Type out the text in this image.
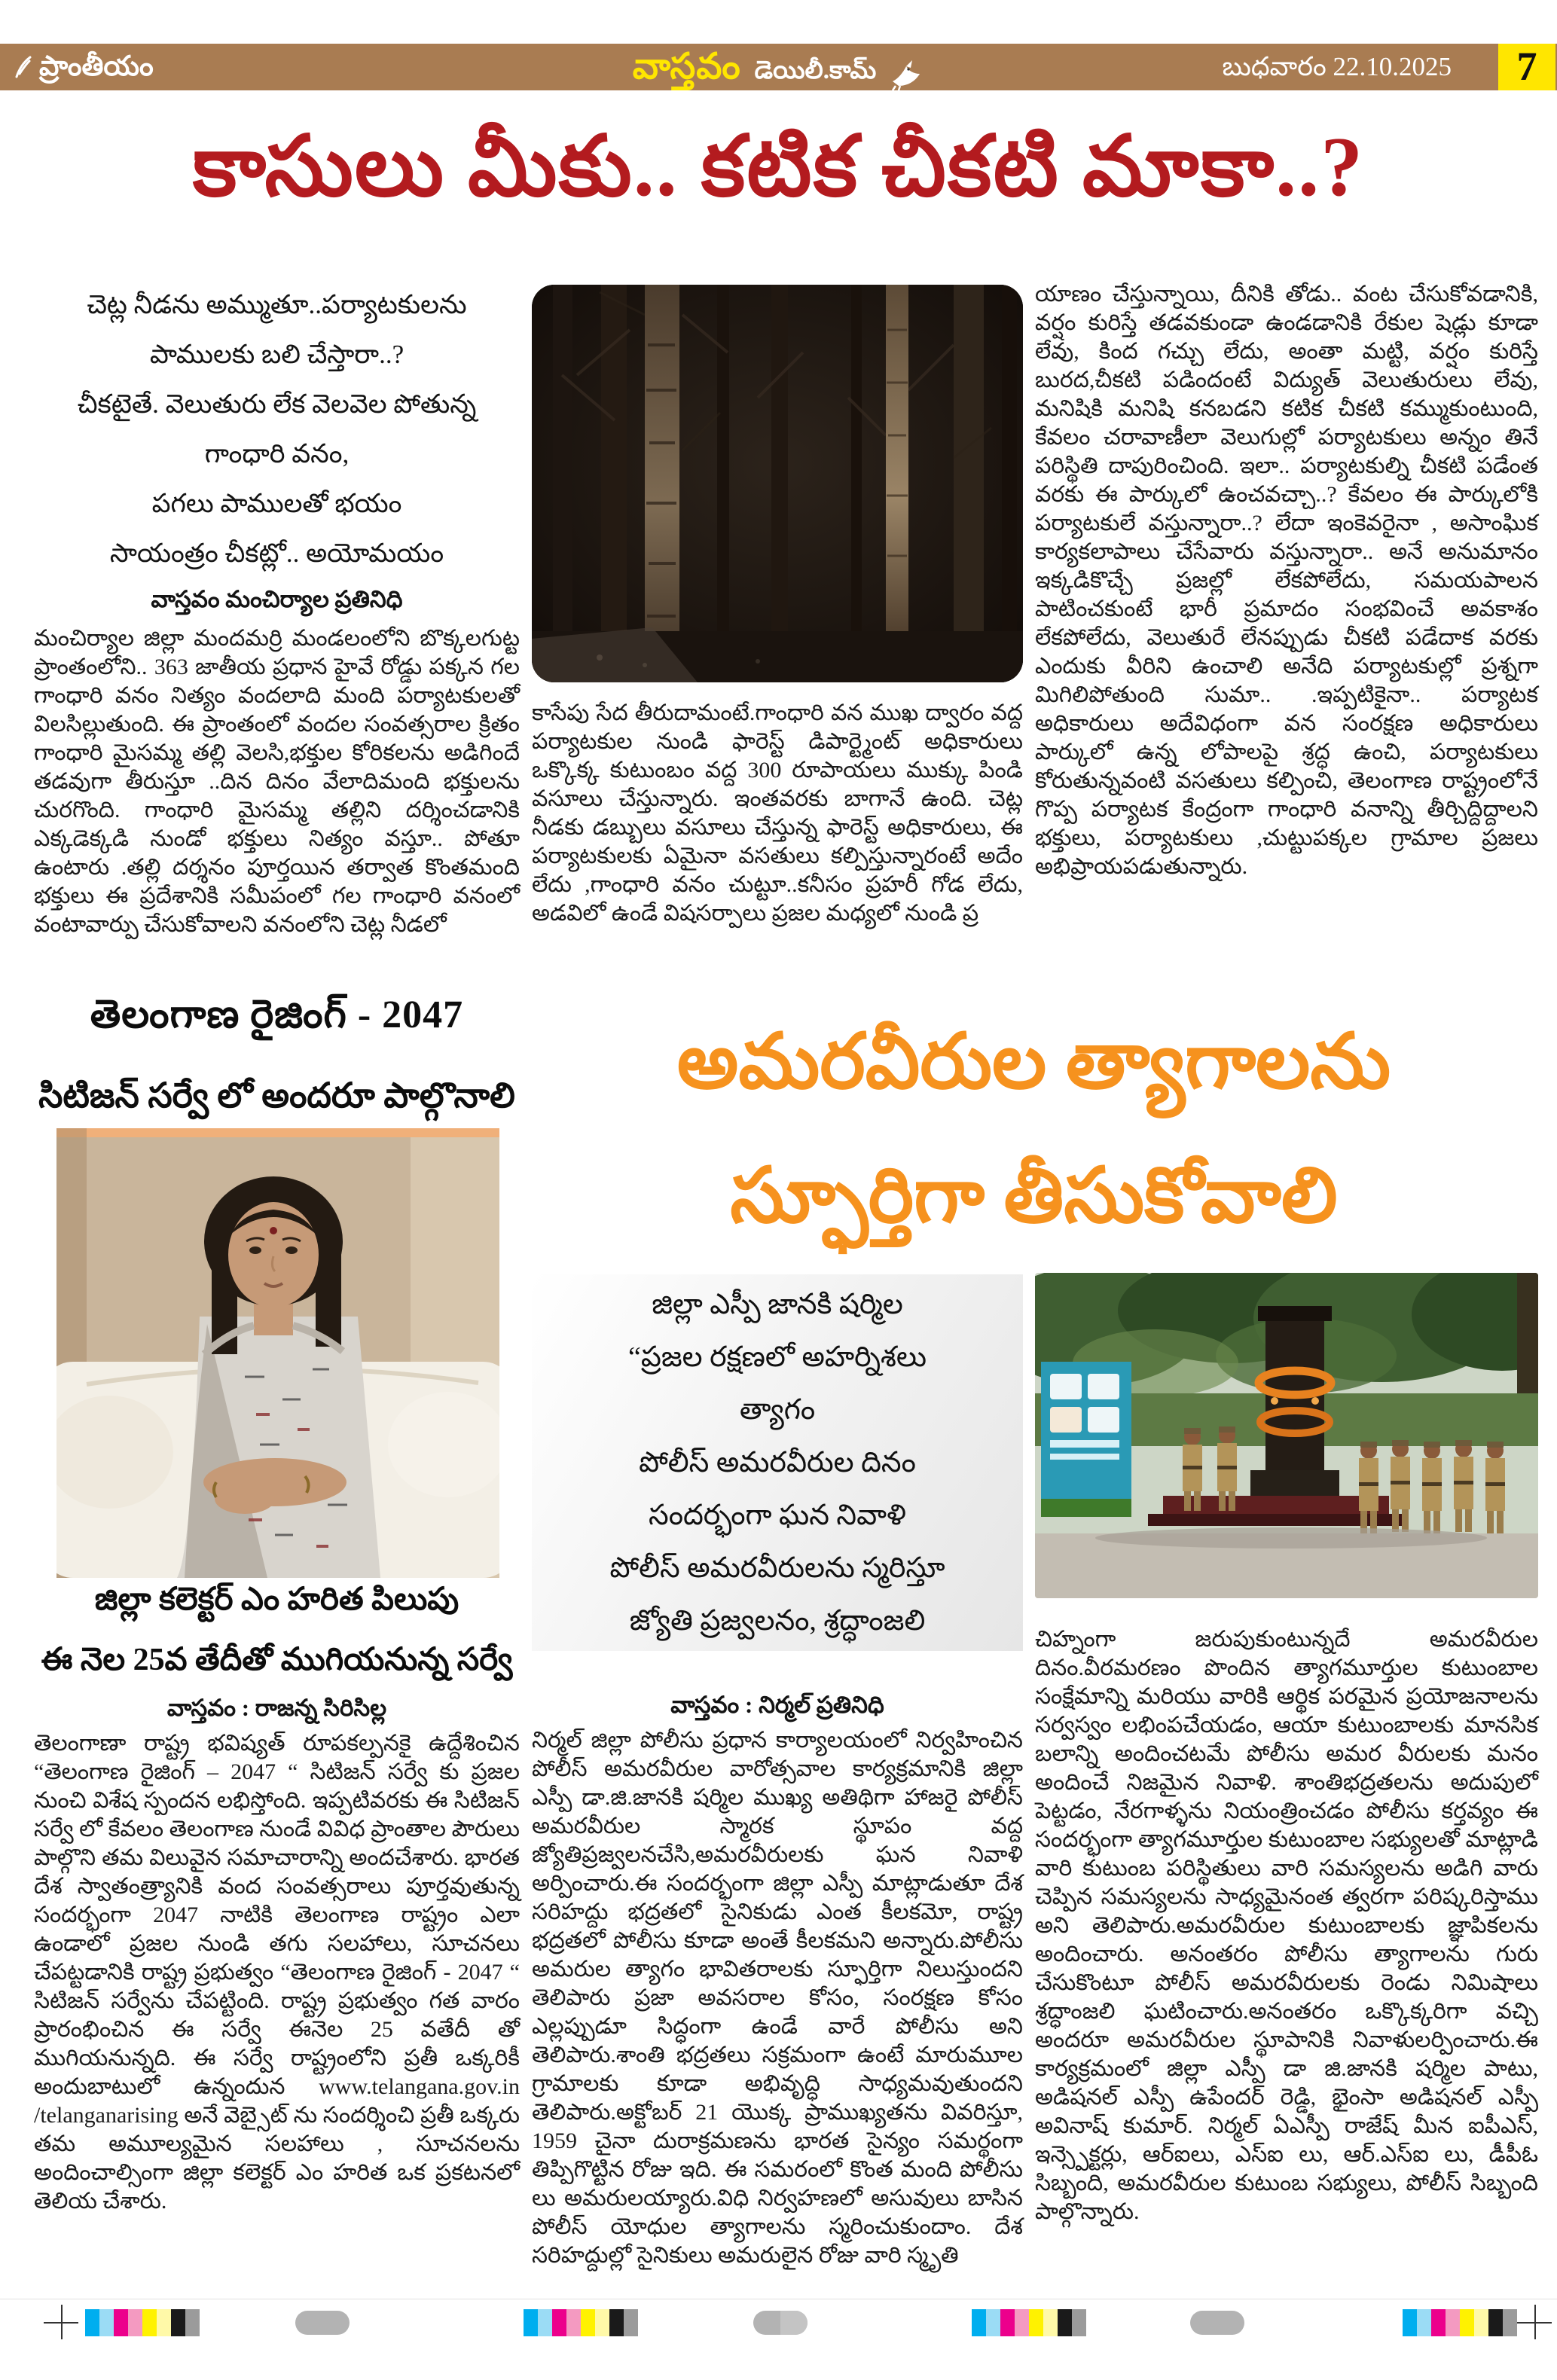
ప్రాంతీయం	వాస్తవం డెయిలీ.కామ్	బుధవారం 22.10.2025	7
కాసులు మీకు.. కటిక చీకటి మాకా..?
చెట్ల నీడను అమ్ముతూ..పర్యాటకులను
పాములకు బలి చేస్తారా..?
చీకటైతే. వెలుతురు లేక వెలవెల పోతున్న
గాంధారి వనం,
పగలు పాములతో భయం
సాయంత్రం చీకట్లో.. అయోమయం
వాస్తవం మంచిర్యాల ప్రతినిధి
మంచిర్యాల జిల్లా మందమర్రి మండలంలోని బొక్కలగుట్ట ప్రాంతంలోని.. 363 జాతీయ ప్రధాన హైవే రోడ్డు పక్కన గల గాంధారి వనం నిత్యం వందలాది మంది పర్యాటకులతో విలసిల్లుతుంది. ఈ ప్రాంతంలో వందల సంవత్సరాల క్రితం గాంధారి మైసమ్మ తల్లి వెలసి,భక్తుల కోరికలను అడిగిందే తడవుగా తీరుస్తూ ..దిన దినం వేలాదిమంది భక్తులను చురగొంది. గాంధారి మైసమ్మ తల్లిని దర్శించడానికి ఎక్కడెక్కడి నుండో భక్తులు నిత్యం వస్తూ.. పోతూ ఉంటారు .తల్లి దర్శనం పూర్తయిన తర్వాత కొంతమంది భక్తులు ఈ ప్రదేశానికి సమీపంలో గల గాంధారి వనంలో వంటావార్పు చేసుకోవాలని వనంలోని చెట్ల నీడలో
కాసేపు సేద తీరుదామంటే.గాంధారి వన ముఖ ద్వారం వద్ద పర్యాటకుల నుండి ఫారెస్ట్ డిపార్ట్మెంట్ అధికారులు ఒక్కొక్క కుటుంబం వద్ద 300 రూపాయలు ముక్కు పిండి వసూలు చేస్తున్నారు. ఇంతవరకు బాగానే ఉంది. చెట్ల నీడకు డబ్బులు వసూలు చేస్తున్న ఫారెస్ట్ అధికారులు, ఈ పర్యాటకులకు ఏమైనా వసతులు కల్పిస్తున్నారంటే అదేం లేదు ,గాంధారి వనం చుట్టూ..కనీసం ప్రహరీ గోడ లేదు, అడవిలో ఉండే విషసర్పాలు ప్రజల మధ్యలో నుండి ప్ర
యాణం చేస్తున్నాయి, దీనికి తోడు.. వంట చేసుకోవడానికి, వర్షం కురిస్తే తడవకుండా ఉండడానికి రేకుల షెడ్లు కూడా లేవు, కింద గచ్చు లేదు, అంతా మట్టి, వర్షం కురిస్తే బురద,చీకటి పడిందంటే విద్యుత్ వెలుతురులు లేవు, మనిషికి మనిషి కనబడని కటిక చీకటి కమ్ముకుంటుంది, కేవలం చరావాణీలా వెలుగుల్లో పర్యాటకులు అన్నం తినే పరిస్థితి దాపురించింది. ఇలా.. పర్యాటకుల్ని చీకటి పడేంత వరకు ఈ పార్కులో ఉంచవచ్చా..? కేవలం ఈ పార్కులోకి పర్యాటకులే వస్తున్నారా..? లేదా ఇంకెవరైనా , అసాంఘిక కార్యకలాపాలు చేసేవారు వస్తున్నారా.. అనే అనుమానం ఇక్కడికొచ్చే ప్రజల్లో లేకపోలేదు, సమయపాలన పాటించకుంటే భారీ ప్రమాదం సంభవించే అవకాశం లేకపోలేదు, వెలుతురే లేనప్పుడు చీకటి పడేదాక వరకు ఎందుకు వీరిని ఉంచాలి అనేది పర్యాటకుల్లో ప్రశ్నగా మిగిలిపోతుంది సుమా.. .ఇప్పటికైనా.. పర్యాటక అధికారులు అదేవిధంగా వన సంరక్షణ అధికారులు పార్కులో ఉన్న లోపాలపై శ్రద్ధ ఉంచి, పర్యాటకులు కోరుతున్నవంటి వసతులు కల్పించి, తెలంగాణ రాష్ట్రంలోనే గొప్ప పర్యాటక కేంద్రంగా గాంధారి వనాన్ని తీర్చిద్దిద్దాలని భక్తులు, పర్యాటకులు ,చుట్టుపక్కల గ్రామాల ప్రజలు అభిప్రాయపడుతున్నారు.
తెలంగాణ రైజింగ్ - 2047
సిటిజన్ సర్వే లో అందరూ పాల్గొనాలి
జిల్లా కలెక్టర్ ఎం హరిత పిలుపు
ఈ నెల 25వ తేదీతో ముగియనున్న సర్వే
వాస్తవం : రాజన్న సిరిసిల్ల
తెలంగాణా రాష్ట్ర భవిష్యత్ రూపకల్పనకై ఉద్దేశించిన “తెలంగాణ రైజింగ్ – 2047 “ సిటిజన్ సర్వే కు ప్రజల నుంచి విశేష స్పందన లభిస్తోంది. ఇప్పటివరకు ఈ సిటిజన్ సర్వే లో కేవలం తెలంగాణ నుండే వివిధ ప్రాంతాల పౌరులు పాల్గొని తమ విలువైన సమాచారాన్ని అందచేశారు. భారత దేశ స్వాతంత్ర్యానికి వంద సంవత్సరాలు పూర్తవుతున్న సందర్భంగా 2047 నాటికి తెలంగాణ రాష్ట్రం ఎలా ఉండాలో ప్రజల నుండి తగు సలహాలు, సూచనలు చేపట్టడానికి రాష్ట్ర ప్రభుత్వం “తెలంగాణ రైజింగ్ - 2047 “ సిటిజన్ సర్వేను చేపట్టింది. రాష్ట్ర ప్రభుత్వం గత వారం ప్రారంభించిన ఈ సర్వే ఈనెల 25 వతేదీ తో ముగియనున్నది. ఈ సర్వే రాష్ట్రంలోని ప్రతీ ఒక్కరికీ అందుబాటులో ఉన్నందున www.telangana.gov.in /telanganarising అనే వెబ్సైట్ ను సందర్శించి ప్రతీ ఒక్కరు తమ అమూల్యమైన సలహాలు , సూచనలను అందించాల్సింగా జిల్లా కలెక్టర్ ఎం హరిత ఒక ప్రకటనలో తెలియ చేశారు.
అమరవీరుల త్యాగాలను
స్ఫూర్తిగా తీసుకోవాలి
జిల్లా ఎస్పీ జానకి షర్మిల
“ప్రజల రక్షణలో అహర్నిశలు
త్యాగం
పోలీస్ అమరవీరుల దినం
సందర్భంగా ఘన నివాళి
పోలీస్ అమరవీరులను స్మరిస్తూ
జ్యోతి ప్రజ్వలనం, శ్రద్ధాంజలి
వాస్తవం : నిర్మల్ ప్రతినిధి
నిర్మల్ జిల్లా పోలీసు ప్రధాన కార్యాలయంలో నిర్వహించిన పోలీస్ అమరవీరుల వారోత్సవాల కార్యక్రమానికి జిల్లా ఎస్పీ డా.జి.జానకి షర్మిల ముఖ్య అతిథిగా హాజరై పోలీస్ అమరవీరుల స్మారక స్థూపం వద్ద జ్యోతిప్రజ్వలనచేసి,అమరవీరులకు ఘన నివాళి అర్పించారు.ఈ సందర్భంగా జిల్లా ఎస్పీ మాట్లాడుతూ దేశ సరిహద్దు భద్రతలో సైనికుడు ఎంత కీలకమో, రాష్ట్ర భద్రతలో పోలీసు కూడా అంతే కీలకమని అన్నారు.పోలీసు అమరుల త్యాగం భావితరాలకు స్ఫూర్తిగా నిలుస్తుందని తెలిపారు ప్రజా అవసరాల కోసం, సంరక్షణ కోసం ఎల్లప్పుడూ సిద్ధంగా ఉండే వారే పోలీసు అని తెలిపారు.శాంతి భద్రతలు సక్రమంగా ఉంటే మారుమూల గ్రామాలకు కూడా అభివృద్ధి సాధ్యమవుతుందని తెలిపారు.అక్టోబర్ 21 యొక్క ప్రాముఖ్యతను వివరిస్తూ, 1959 చైనా దురాక్రమణను భారత సైన్యం సమర్థంగా తిప్పిగొట్టిన రోజు ఇది. ఈ సమరంలో కొంత మంది పోలీసు లు అమరులయ్యారు.విధి నిర్వహణలో అసువులు బాసిన పోలీస్ యోధుల త్యాగాలను స్మరించుకుందాం. దేశ సరిహద్దుల్లో సైనికులు అమరులైన రోజు వారి స్మృతి
చిహ్నంగా జరుపుకుంటున్నదే అమరవీరుల దినం.వీరమరణం పొందిన త్యాగమూర్తుల కుటుంబాల సంక్షేమాన్ని మరియు వారికి ఆర్థిక పరమైన ప్రయోజనాలను సర్వస్వం లభింపచేయడం, ఆయా కుటుంబాలకు మానసిక బలాన్ని అందించటమే పోలీసు అమర వీరులకు మనం అందించే నిజమైన నివాళి. శాంతిభద్రతలను అదుపులో పెట్టడం, నేరగాళ్ళను నియంత్రించడం పోలీసు కర్తవ్యం ఈ సందర్భంగా త్యాగమూర్తుల కుటుంబాల సభ్యులతో మాట్లాడి వారి కుటుంబ పరిస్థితులు వారి సమస్యలను అడిగి వారు చెప్పిన సమస్యలను సాధ్యమైనంత త్వరగా పరిష్కరిస్తాము అని తెలిపారు.అమరవీరుల కుటుంబాలకు జ్ఞాపికలను అందించారు. అనంతరం పోలీసు త్యాగాలను గురు చేసుకొంటూ పోలీస్ అమరవీరులకు రెండు నిమిషాలు శ్రద్ధాంజలి ఘటించారు.అనంతరం ఒక్కొక్కరిగా వచ్చి అందరూ అమరవీరుల స్థూపానికి నివాళులర్పించారు.ఈ కార్యక్రమంలో జిల్లా ఎస్పీ డా జి.జానకి షర్మిల పాటు, అడిషనల్ ఎస్పీ ఉపేందర్ రెడ్డి, భైంసా అడిషనల్ ఎస్పీ అవినాష్ కుమార్. నిర్మల్ ఏఎస్పీ రాజేష్ మీన ఐపీఎస్, ఇన్స్పెక్టర్లు, ఆర్ఐలు, ఎస్ఐ లు, ఆర్.ఎస్ఐ లు, డీపీఓ సిబ్బంది, అమరవీరుల కుటుంబ సభ్యులు, పోలీస్ సిబ్బంది పాల్గొన్నారు.
